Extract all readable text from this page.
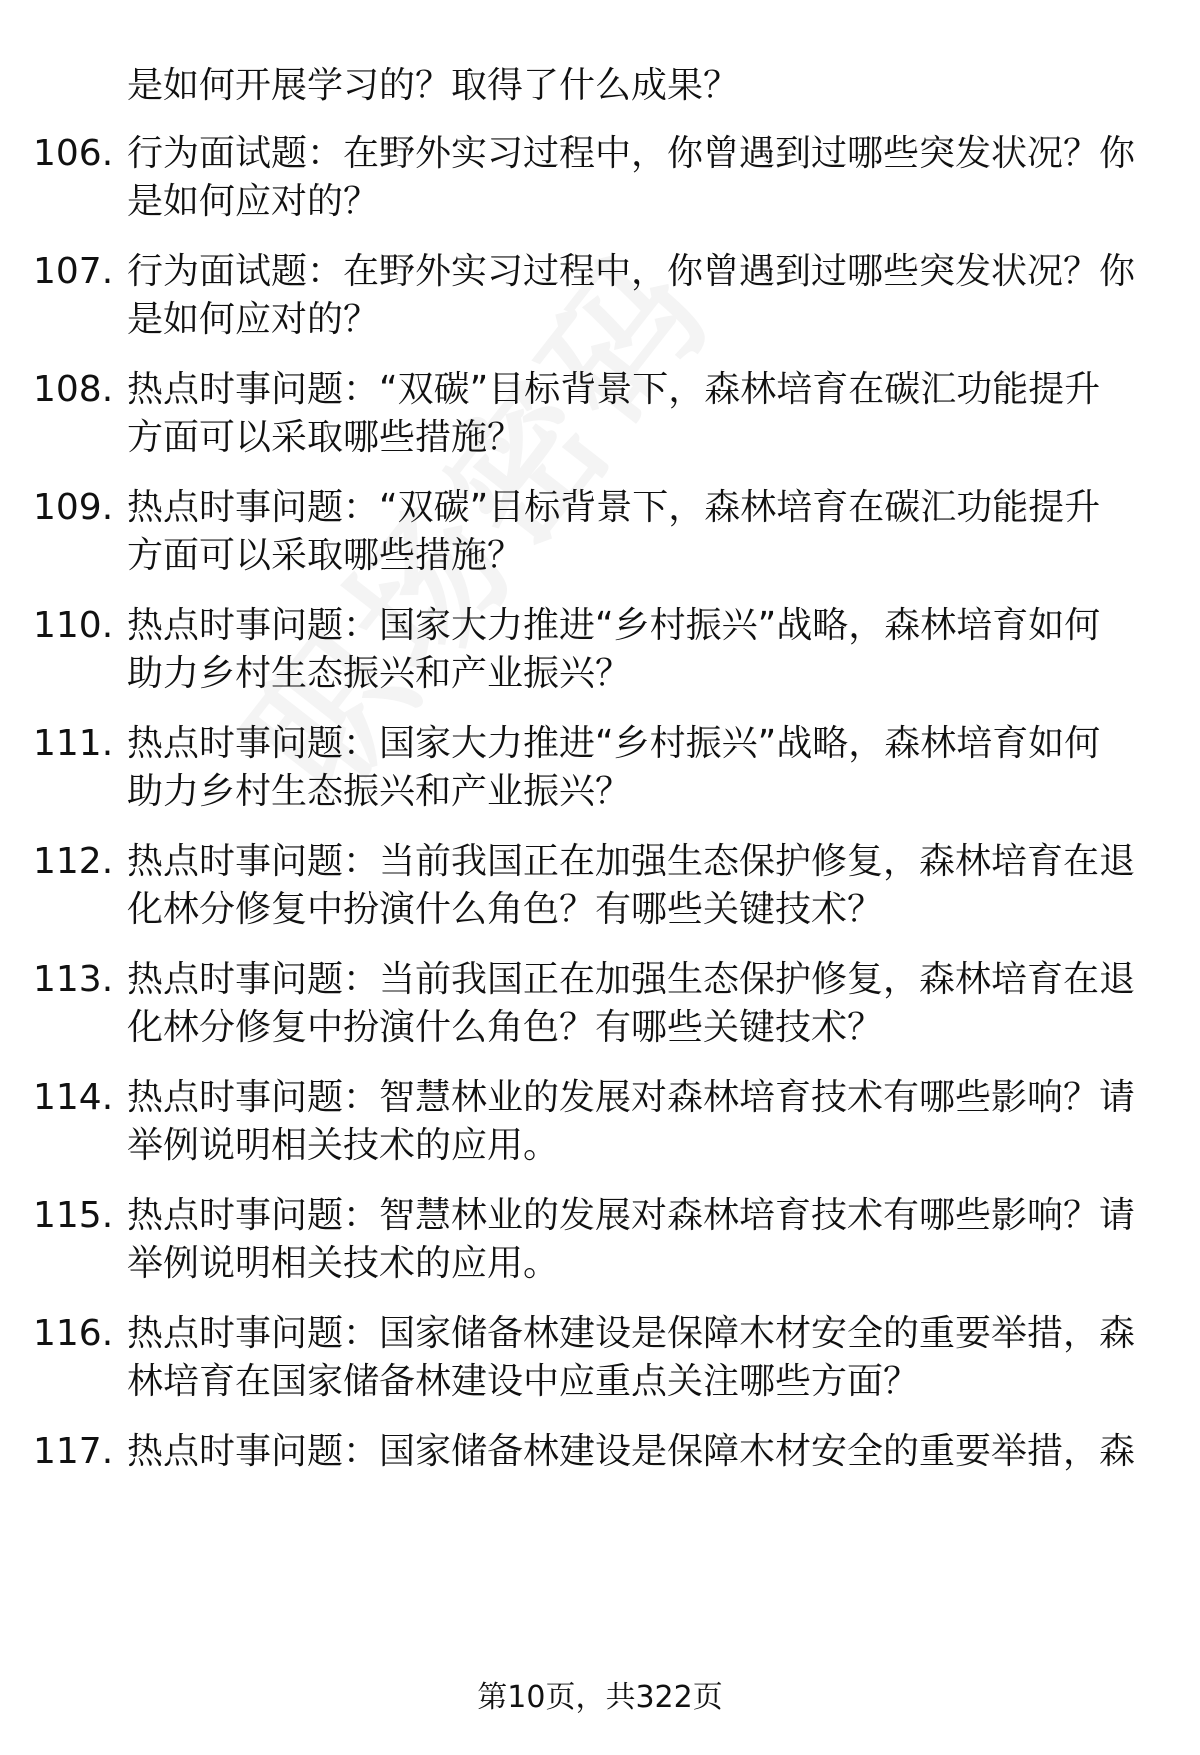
是如何开展学习的？取得了什么成果？
106. 行为面试题：在野外实习过程中，你曾遇到过哪些突发状况？你
是如何应对的？
107. 行为面试题：在野外实习过程中，你曾遇到过哪些突发状况？你
是如何应对的？
108. 热点时事问题：“双碳”目标背景下，森林培育在碳汇功能提升
方面可以采取哪些措施？
109. 热点时事问题：“双碳”目标背景下，森林培育在碳汇功能提升
方面可以采取哪些措施？
110. 热点时事问题：国家大力推进“乡村振兴”战略，森林培育如何
助力乡村生态振兴和产业振兴？
111. 热点时事问题：国家大力推进“乡村振兴”战略，森林培育如何
助力乡村生态振兴和产业振兴？
112. 热点时事问题：当前我国正在加强生态保护修复，森林培育在退
化林分修复中扮演什么角色？有哪些关键技术？
113. 热点时事问题：当前我国正在加强生态保护修复，森林培育在退
化林分修复中扮演什么角色？有哪些关键技术？
114. 热点时事问题：智慧林业的发展对森林培育技术有哪些影响？请
举例说明相关技术的应用。
115. 热点时事问题：智慧林业的发展对森林培育技术有哪些影响？请
举例说明相关技术的应用。
116. 热点时事问题：国家储备林建设是保障木材安全的重要举措，森
林培育在国家储备林建设中应重点关注哪些方面？
117. 热点时事问题：国家储备林建设是保障木材安全的重要举措，森
第10页，共322页
